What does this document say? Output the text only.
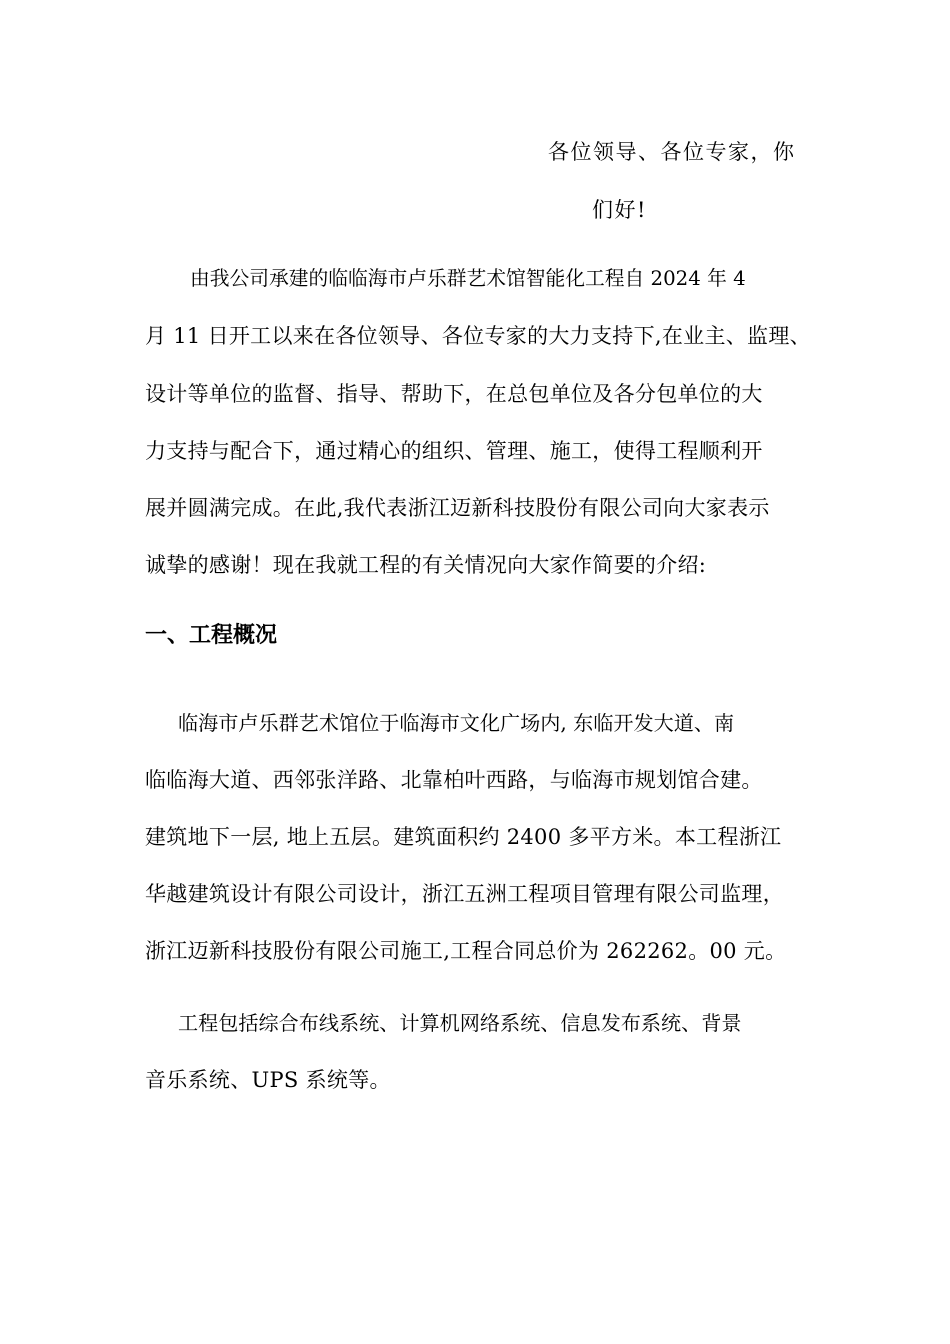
各位领导、各位专家，你
们好!
由我公司承建的临临海市卢乐群艺术馆智能化工程自 2024 年 4
月 11 日开工以来在各位领导、各位专家的大力支持下,在业主、监理、
设计等单位的监督、指导、帮助下，在总包单位及各分包单位的大
力支持与配合下，通过精心的组织、管理、施工，使得工程顺利开
展并圆满完成。在此,我代表浙江迈新科技股份有限公司向大家表示
诚挚的感谢！现在我就工程的有关情况向大家作简要的介绍:
一、工程概况
临海市卢乐群艺术馆位于临海市文化广场内, 东临开发大道、南
临临海大道、西邻张洋路、北靠柏叶西路，与临海市规划馆合建。
建筑地下一层, 地上五层。建筑面积约 2400 多平方米。本工程浙江
华越建筑设计有限公司设计，浙江五洲工程项目管理有限公司监理，
浙江迈新科技股份有限公司施工,工程合同总价为 262262。00 元。
工程包括综合布线系统、计算机网络系统、信息发布系统、背景
音乐系统、UPS 系统等。
